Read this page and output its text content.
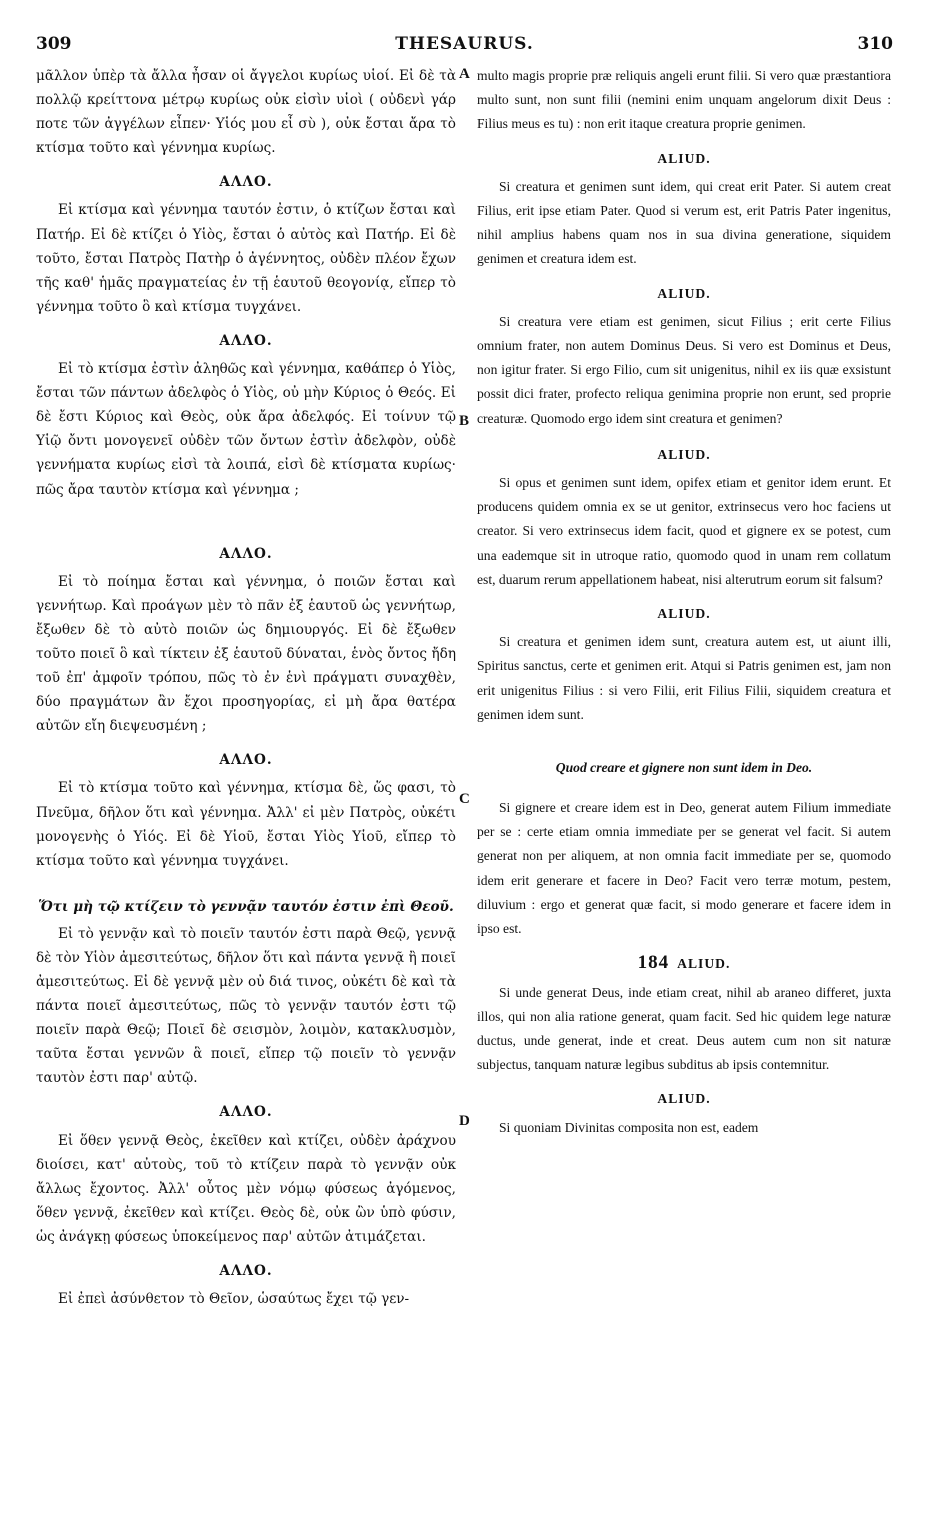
309	THESAURUS.	310
A
B
C
D

μᾶλλον ὑπὲρ τὰ ἄλλα ἦσαν οἱ ἄγγελοι κυρίως υἱοί. Εἰ δὲ τὰ πολλῷ κρείττονα μέτρῳ κυρίως οὐκ εἰσὶν υἱοὶ ( οὐδενὶ γάρ ποτε τῶν ἀγγέλων εἶπεν· Υἱός μου εἶ σὺ ), οὐκ ἔσται ἄρα τὸ κτίσμα τοῦτο καὶ γέννημα κυρίως.

ΑΛΛΟ.

Εἰ κτίσμα καὶ γέννημα ταυτόν ἐστιν, ὁ κτίζων ἔσται καὶ Πατήρ. Εἰ δὲ κτίζει ὁ Υἱὸς, ἔσται ὁ αὐτὸς καὶ Πατήρ. Εἰ δὲ τοῦτο, ἔσται Πατρὸς Πατὴρ ὁ ἀγέννητος, οὐδὲν πλέον ἔχων τῆς καθ' ἡμᾶς πραγματείας ἐν τῇ ἑαυτοῦ θεογονίᾳ, εἴπερ τὸ γέννημα τοῦτο ὃ καὶ κτίσμα τυγχάνει.

ΑΛΛΟ.

Εἰ τὸ κτίσμα ἐστὶν ἀληθῶς καὶ γέννημα, καθάπερ ὁ Υἱὸς, ἔσται τῶν πάντων ἀδελφὸς ὁ Υἱὸς, οὐ μὴν Κύριος ὁ Θεός. Εἰ δὲ ἔστι Κύριος καὶ Θεὸς, οὐκ ἄρα ἀδελφός. Εἰ τοίνυν τῷ Υἱῷ ὄντι μονογενεῖ οὐδὲν τῶν ὄντων ἐστὶν ἀδελφὸν, οὐδὲ γεννήματα κυρίως εἰσὶ τὰ λοιπά, εἰσὶ δὲ κτίσματα κυρίως· πῶς ἄρα ταυτὸν κτίσμα καὶ γέννημα ;

ΑΛΛΟ.

Εἰ τὸ ποίημα ἔσται καὶ γέννημα, ὁ ποιῶν ἔσται καὶ γεννήτωρ. Καὶ προάγων μὲν τὸ πᾶν ἐξ ἑαυτοῦ ὡς γεννήτωρ, ἔξωθεν δὲ τὸ αὐτὸ ποιῶν ὡς δημιουργός. Εἰ δὲ ἔξωθεν τοῦτο ποιεῖ ὃ καὶ τίκτειν ἐξ ἑαυτοῦ δύναται, ἑνὸς ὄντος ἤδη τοῦ ἐπ' ἀμφοῖν τρόπου, πῶς τὸ ἐν ἑνὶ πράγματι συναχθὲν, δύο πραγμάτων ἂν ἔχοι προσηγορίας, εἰ μὴ ἄρα θατέρα αὐτῶν εἴη διεψευσμένη ;

ΑΛΛΟ.

Εἰ τὸ κτίσμα τοῦτο καὶ γέννημα, κτίσμα δὲ, ὥς φασι, τὸ Πνεῦμα, δῆλον ὅτι καὶ γέννημα. Ἀλλ' εἰ μὲν Πατρὸς, οὐκέτι μονογενὴς ὁ Υἱός. Εἰ δὲ Υἱοῦ, ἔσται Υἱὸς Υἱοῦ, εἴπερ τὸ κτίσμα τοῦτο καὶ γέννημα τυγχάνει.

Ὅτι μὴ τῷ κτίζειν τὸ γεννᾷν ταυτόν ἐστιν ἐπὶ Θεοῦ.

Εἰ τὸ γεννᾷν καὶ τὸ ποιεῖν ταυτόν ἐστι παρὰ Θεῷ, γεννᾷ δὲ τὸν Υἱὸν ἀμεσιτεύτως, δῆλον ὅτι καὶ πάντα γεννᾷ ἢ ποιεῖ ἀμεσιτεύτως. Εἰ δὲ γεννᾷ μὲν οὐ διά τινος, οὐκέτι δὲ καὶ τὰ πάντα ποιεῖ ἀμεσιτεύτως, πῶς τὸ γεννᾷν ταυτόν ἐστι τῷ ποιεῖν παρὰ Θεῷ; Ποιεῖ δὲ σεισμὸν, λοιμὸν, κατακλυσμὸν, ταῦτα ἔσται γεννῶν ἃ ποιεῖ, εἴπερ τῷ ποιεῖν τὸ γεννᾷν ταυτὸν ἐστι παρ' αὐτῷ.

ΑΛΛΟ.

Εἰ ὅθεν γεννᾷ Θεὸς, ἐκεῖθεν καὶ κτίζει, οὐδὲν ἀράχνου διοίσει, κατ' αὐτοὺς, τοῦ τὸ κτίζειν παρὰ τὸ γεννᾷν οὐκ ἄλλως ἔχοντος. Ἀλλ' οὗτος μὲν νόμῳ φύσεως ἀγόμενος, ὅθεν γεννᾷ, ἐκεῖθεν καὶ κτίζει. Θεὸς δὲ, οὐκ ὢν ὑπὸ φύσιν, ὡς ἀνάγκῃ φύσεως ὑποκείμενος παρ' αὐτῶν ἀτιμάζεται.

ΑΛΛΟ.

Εἰ ἐπεὶ ἀσύνθετον τὸ Θεῖον, ὡσαύτως ἔχει τῷ γεν-

multo magis proprie præ reliquis angeli erunt filii. Si vero quæ præstantiora multo sunt, non sunt filii (nemini enim unquam angelorum dixit Deus : Filius meus es tu) : non erit itaque creatura proprie genimen.

ALIUD.

Si creatura et genimen sunt idem, qui creat erit Pater. Si autem creat Filius, erit ipse etiam Pater. Quod si verum est, erit Patris Pater ingenitus, nihil amplius habens quam nos in sua divina generatione, siquidem genimen et creatura idem est.

ALIUD.

Si creatura vere etiam est genimen, sicut Filius ; erit certe Filius omnium frater, non autem Dominus Deus. Si vero est Dominus et Deus, non igitur frater. Si ergo Filio, cum sit unigenitus, nihil ex iis quæ exsistunt possit dici frater, profecto reliqua genimina proprie non erunt, sed proprie creaturæ. Quomodo ergo idem sint creatura et genimen?

ALIUD.

Si opus et genimen sunt idem, opifex etiam et genitor idem erunt. Et producens quidem omnia ex se ut genitor, extrinsecus vero hoc faciens ut creator. Si vero extrinsecus idem facit, quod et gignere ex se potest, cum una eademque sit in utroque ratio, quomodo quod in unam rem collatum est, duarum rerum appellationem habeat, nisi alterutrum eorum sit falsum?

ALIUD.

Si creatura et genimen idem sunt, creatura autem est, ut aiunt illi, Spiritus sanctus, certe et genimen erit. Atqui si Patris genimen est, jam non erit unigenitus Filius : si vero Filii, erit Filius Filii, siquidem creatura et genimen idem sunt.

Quod creare et gignere non sunt idem in Deo.

Si gignere et creare idem est in Deo, generat autem Filium immediate per se : certe etiam omnia immediate per se generat vel facit. Si autem generat non per aliquem, at non omnia facit immediate per se, quomodo idem erit generare et facere in Deo? Facit vero terræ motum, pestem, diluvium : ergo et generat quæ facit, si modo generare et facere idem in ipso est.

184 ALIUD.

Si unde generat Deus, inde etiam creat, nihil ab araneo differet, juxta illos, qui non alia ratione generat, quam facit. Sed hic quidem lege naturæ ductus, unde generat, inde et creat. Deus autem cum non sit naturæ subjectus, tanquam naturæ legibus subditus ab ipsis contemnitur.

ALIUD.

Si quoniam Divinitas composita non est, eadem
